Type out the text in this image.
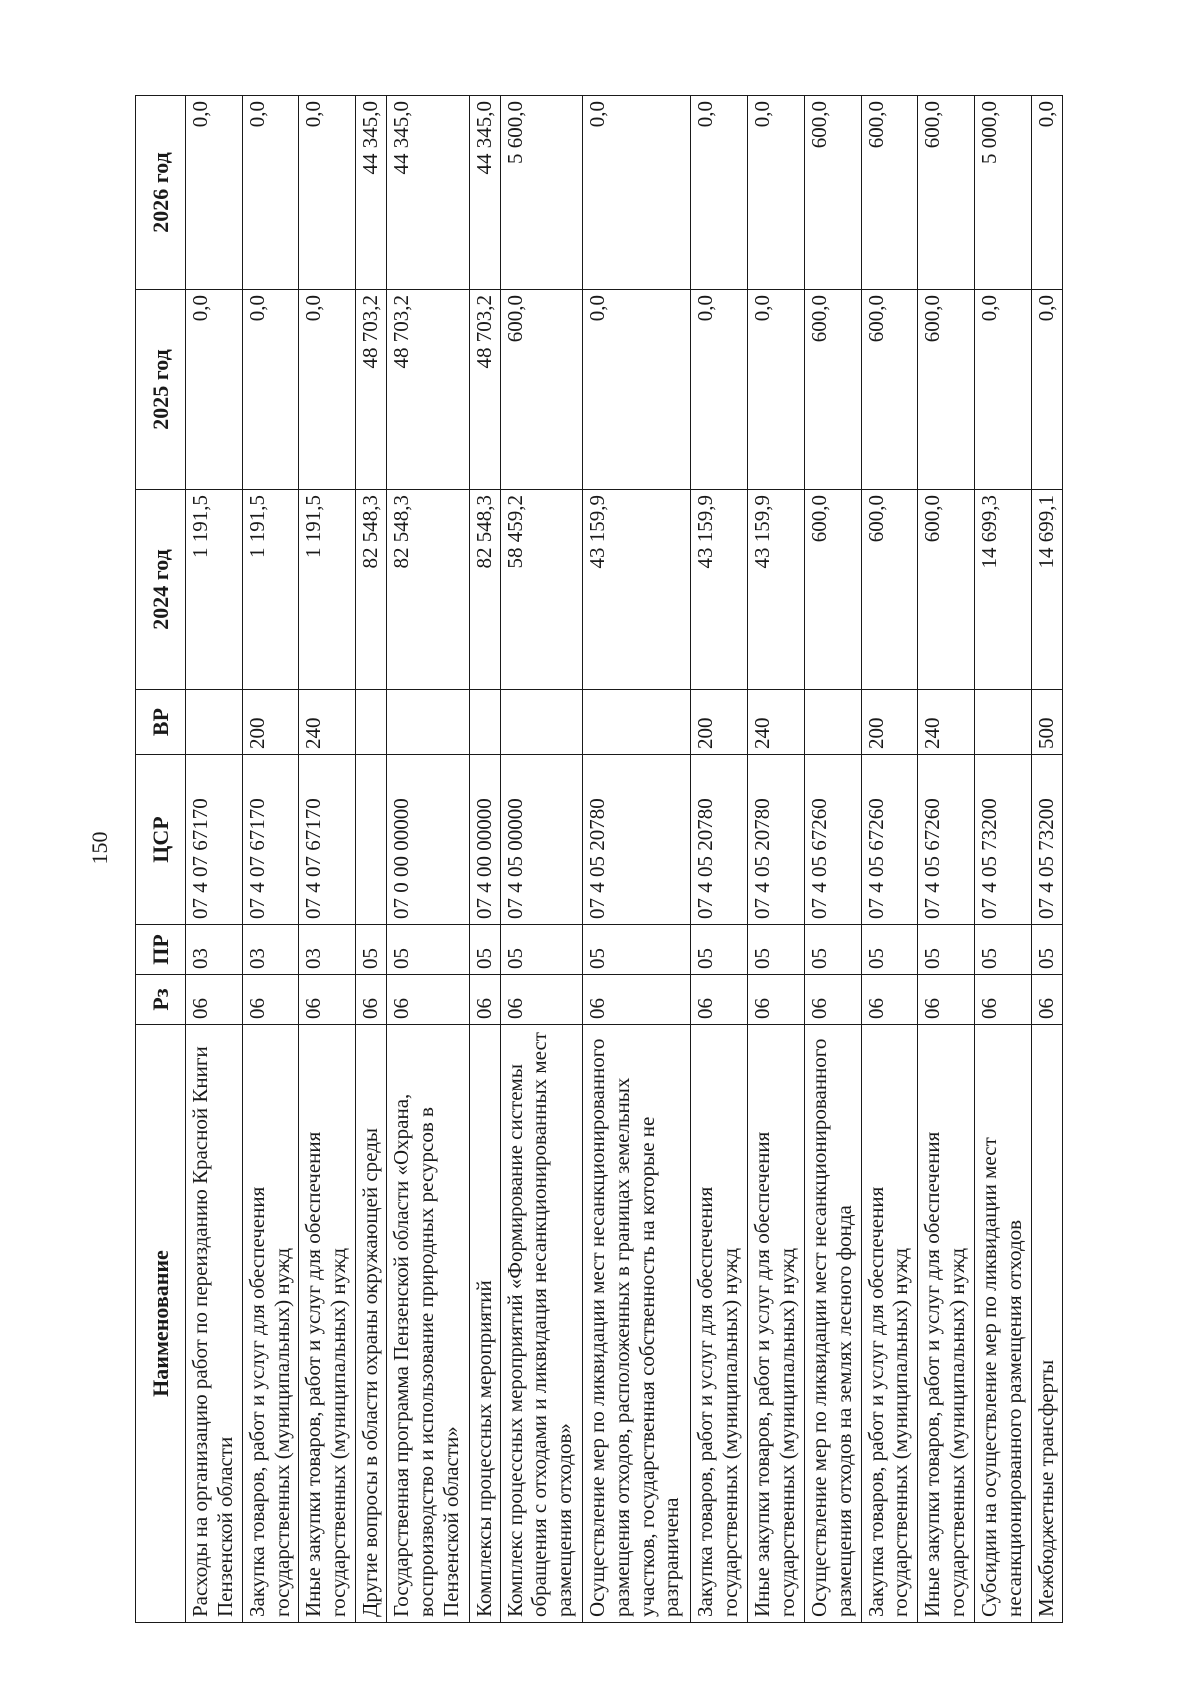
150
Наименование	Рз	ПР	ЦСР	ВР	2024 год	2025 год	2026 год
Расходы на организацию работ по переизданию Красной Книги Пензенской области	06	03	07 4 07 67170		1 191,5	0,0	0,0
Закупка товаров, работ и услуг для обеспечения государственных (муниципальных) нужд	06	03	07 4 07 67170	200	1 191,5	0,0	0,0
Иные закупки товаров, работ и услуг для обеспечения государственных (муниципальных) нужд	06	03	07 4 07 67170	240	1 191,5	0,0	0,0
Другие вопросы в области охраны окружающей среды	06	05			82 548,3	48 703,2	44 345,0
Государственная программа Пензенской области «Охрана, воспроизводство и использование природных ресурсов в Пензенской области»	06	05	07 0 00 00000		82 548,3	48 703,2	44 345,0
Комплексы процессных мероприятий	06	05	07 4 00 00000		82 548,3	48 703,2	44 345,0
Комплекс процессных мероприятий «Формирование системы обращения с отходами и ликвидация несанкционированных мест размещения отходов»	06	05	07 4 05 00000		58 459,2	600,0	5 600,0
Осуществление мер по ликвидации мест несанкционированного размещения отходов, расположенных в границах земельных участков, государственная собственность на которые не разграничена	06	05	07 4 05 20780		43 159,9	0,0	0,0
Закупка товаров, работ и услуг для обеспечения государственных (муниципальных) нужд	06	05	07 4 05 20780	200	43 159,9	0,0	0,0
Иные закупки товаров, работ и услуг для обеспечения государственных (муниципальных) нужд	06	05	07 4 05 20780	240	43 159,9	0,0	0,0
Осуществление мер по ликвидации мест несанкционированного размещения отходов на землях лесного фонда	06	05	07 4 05 67260		600,0	600,0	600,0
Закупка товаров, работ и услуг для обеспечения государственных (муниципальных) нужд	06	05	07 4 05 67260	200	600,0	600,0	600,0
Иные закупки товаров, работ и услуг для обеспечения государственных (муниципальных) нужд	06	05	07 4 05 67260	240	600,0	600,0	600,0
Субсидии на осуществление мер по ликвидации мест несанкционированного размещения отходов	06	05	07 4 05 73200		14 699,3	0,0	5 000,0
Межбюджетные трансферты	06	05	07 4 05 73200	500	14 699,1	0,0	0,0
